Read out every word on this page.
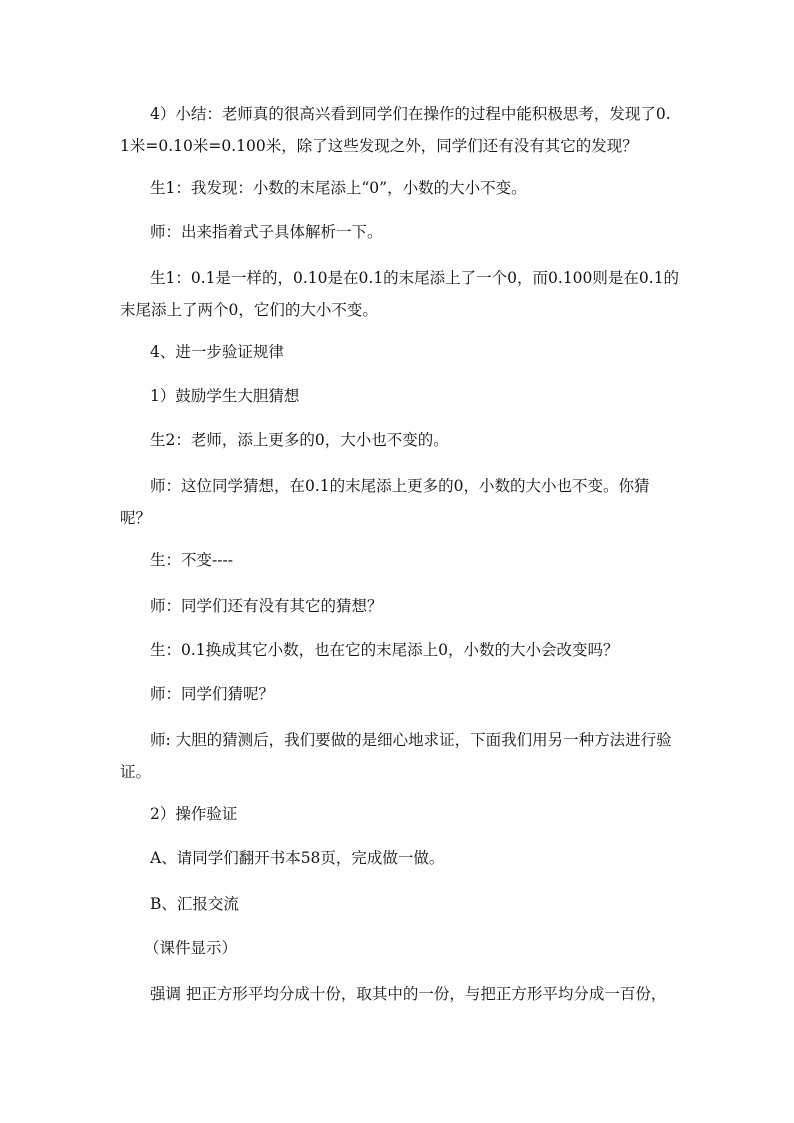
4）小结：老师真的很高兴看到同学们在操作的过程中能积极思考，发现了0.1米=0.10米=0.100米，除了这些发现之外，同学们还有没有其它的发现？

生1：我发现：小数的末尾添上“0”，小数的大小不变。

师：出来指着式子具体解析一下。

生1：0.1是一样的，0.10是在0.1的末尾添上了一个0，而0.100则是在0.1的末尾添上了两个0，它们的大小不变。

4、进一步验证规律

1）鼓励学生大胆猜想

生2：老师，添上更多的0，大小也不变的。

师：这位同学猜想，在0.1的末尾添上更多的0，小数的大小也不变。你猜呢？

生：不变----

师：同学们还有没有其它的猜想？

生：0.1换成其它小数，也在它的末尾添上0，小数的大小会改变吗？

师：同学们猜呢？

师: 大胆的猜测后，我们要做的是细心地求证，下面我们用另一种方法进行验证。

2）操作验证

A、请同学们翻开书本58页，完成做一做。

B、汇报交流

（课件显示）

强调 把正方形平均分成十份，取其中的一份，与把正方形平均分成一百份，
